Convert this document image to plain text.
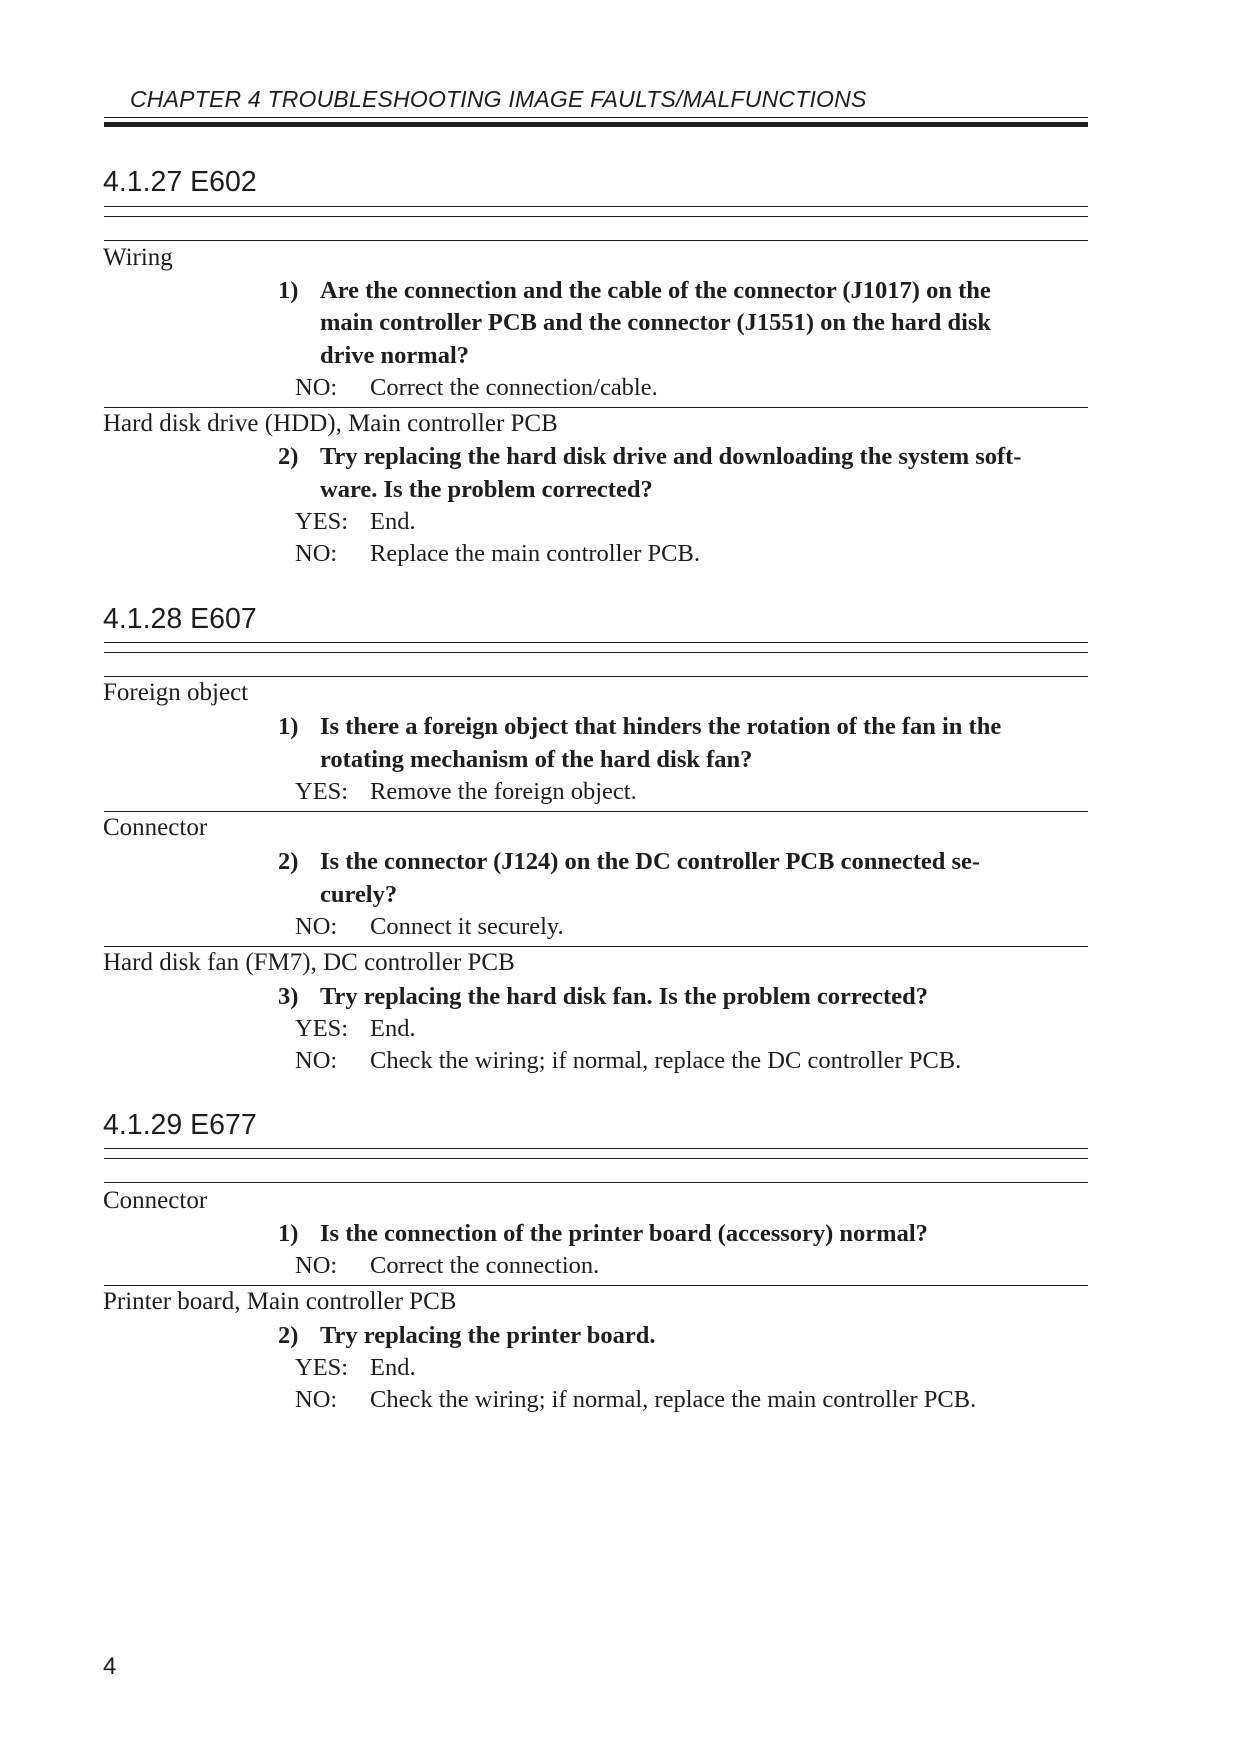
CHAPTER 4 TROUBLESHOOTING IMAGE FAULTS/MALFUNCTIONS
4.1.27 E602
Wiring
1) Are the connection and the cable of the connector (J1017) on the
main controller PCB and the connector (J1551) on the hard disk
drive normal?
NO: Correct the connection/cable.
Hard disk drive (HDD), Main controller PCB
2) Try replacing the hard disk drive and downloading the system soft-
ware. Is the problem corrected?
YES: End.
NO: Replace the main controller PCB.
4.1.28 E607
Foreign object
1) Is there a foreign object that hinders the rotation of the fan in the
rotating mechanism of the hard disk fan?
YES: Remove the foreign object.
Connector
2) Is the connector (J124) on the DC controller PCB connected se-
curely?
NO: Connect it securely.
Hard disk fan (FM7), DC controller PCB
3) Try replacing the hard disk fan. Is the problem corrected?
YES: End.
NO: Check the wiring; if normal, replace the DC controller PCB.
4.1.29 E677
Connector
1) Is the connection of the printer board (accessory) normal?
NO: Correct the connection.
Printer board, Main controller PCB
2) Try replacing the printer board.
YES: End.
NO: Check the wiring; if normal, replace the main controller PCB.
4
